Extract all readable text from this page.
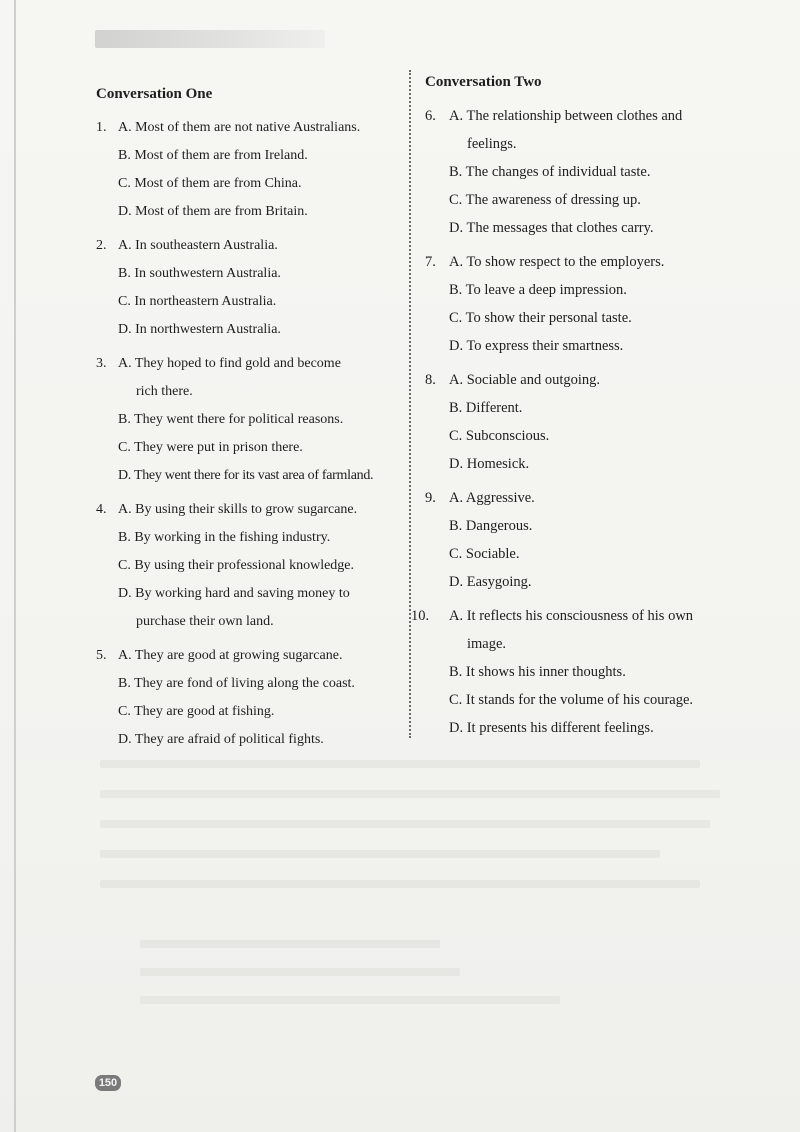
Conversation One
1. A. Most of them are not native Australians.
B. Most of them are from Ireland.
C. Most of them are from China.
D. Most of them are from Britain.
2. A. In southeastern Australia.
B. In southwestern Australia.
C. In northeastern Australia.
D. In northwestern Australia.
3. A. They hoped to find gold and become
rich there.
B. They went there for political reasons.
C. They were put in prison there.
D. They went there for its vast area of farmland.
4. A. By using their skills to grow sugarcane.
B. By working in the fishing industry.
C. By using their professional knowledge.
D. By working hard and saving money to
purchase their own land.
5. A. They are good at growing sugarcane.
B. They are fond of living along the coast.
C. They are good at fishing.
D. They are afraid of political fights.
Conversation Two
6. A. The relationship between clothes and
feelings.
B. The changes of individual taste.
C. The awareness of dressing up.
D. The messages that clothes carry.
7. A. To show respect to the employers.
B. To leave a deep impression.
C. To show their personal taste.
D. To express their smartness.
8. A. Sociable and outgoing.
B. Different.
C. Subconscious.
D. Homesick.
9. A. Aggressive.
B. Dangerous.
C. Sociable.
D. Easygoing.
10. A. It reflects his consciousness of his own
image.
B. It shows his inner thoughts.
C. It stands for the volume of his courage.
D. It presents his different feelings.
150
